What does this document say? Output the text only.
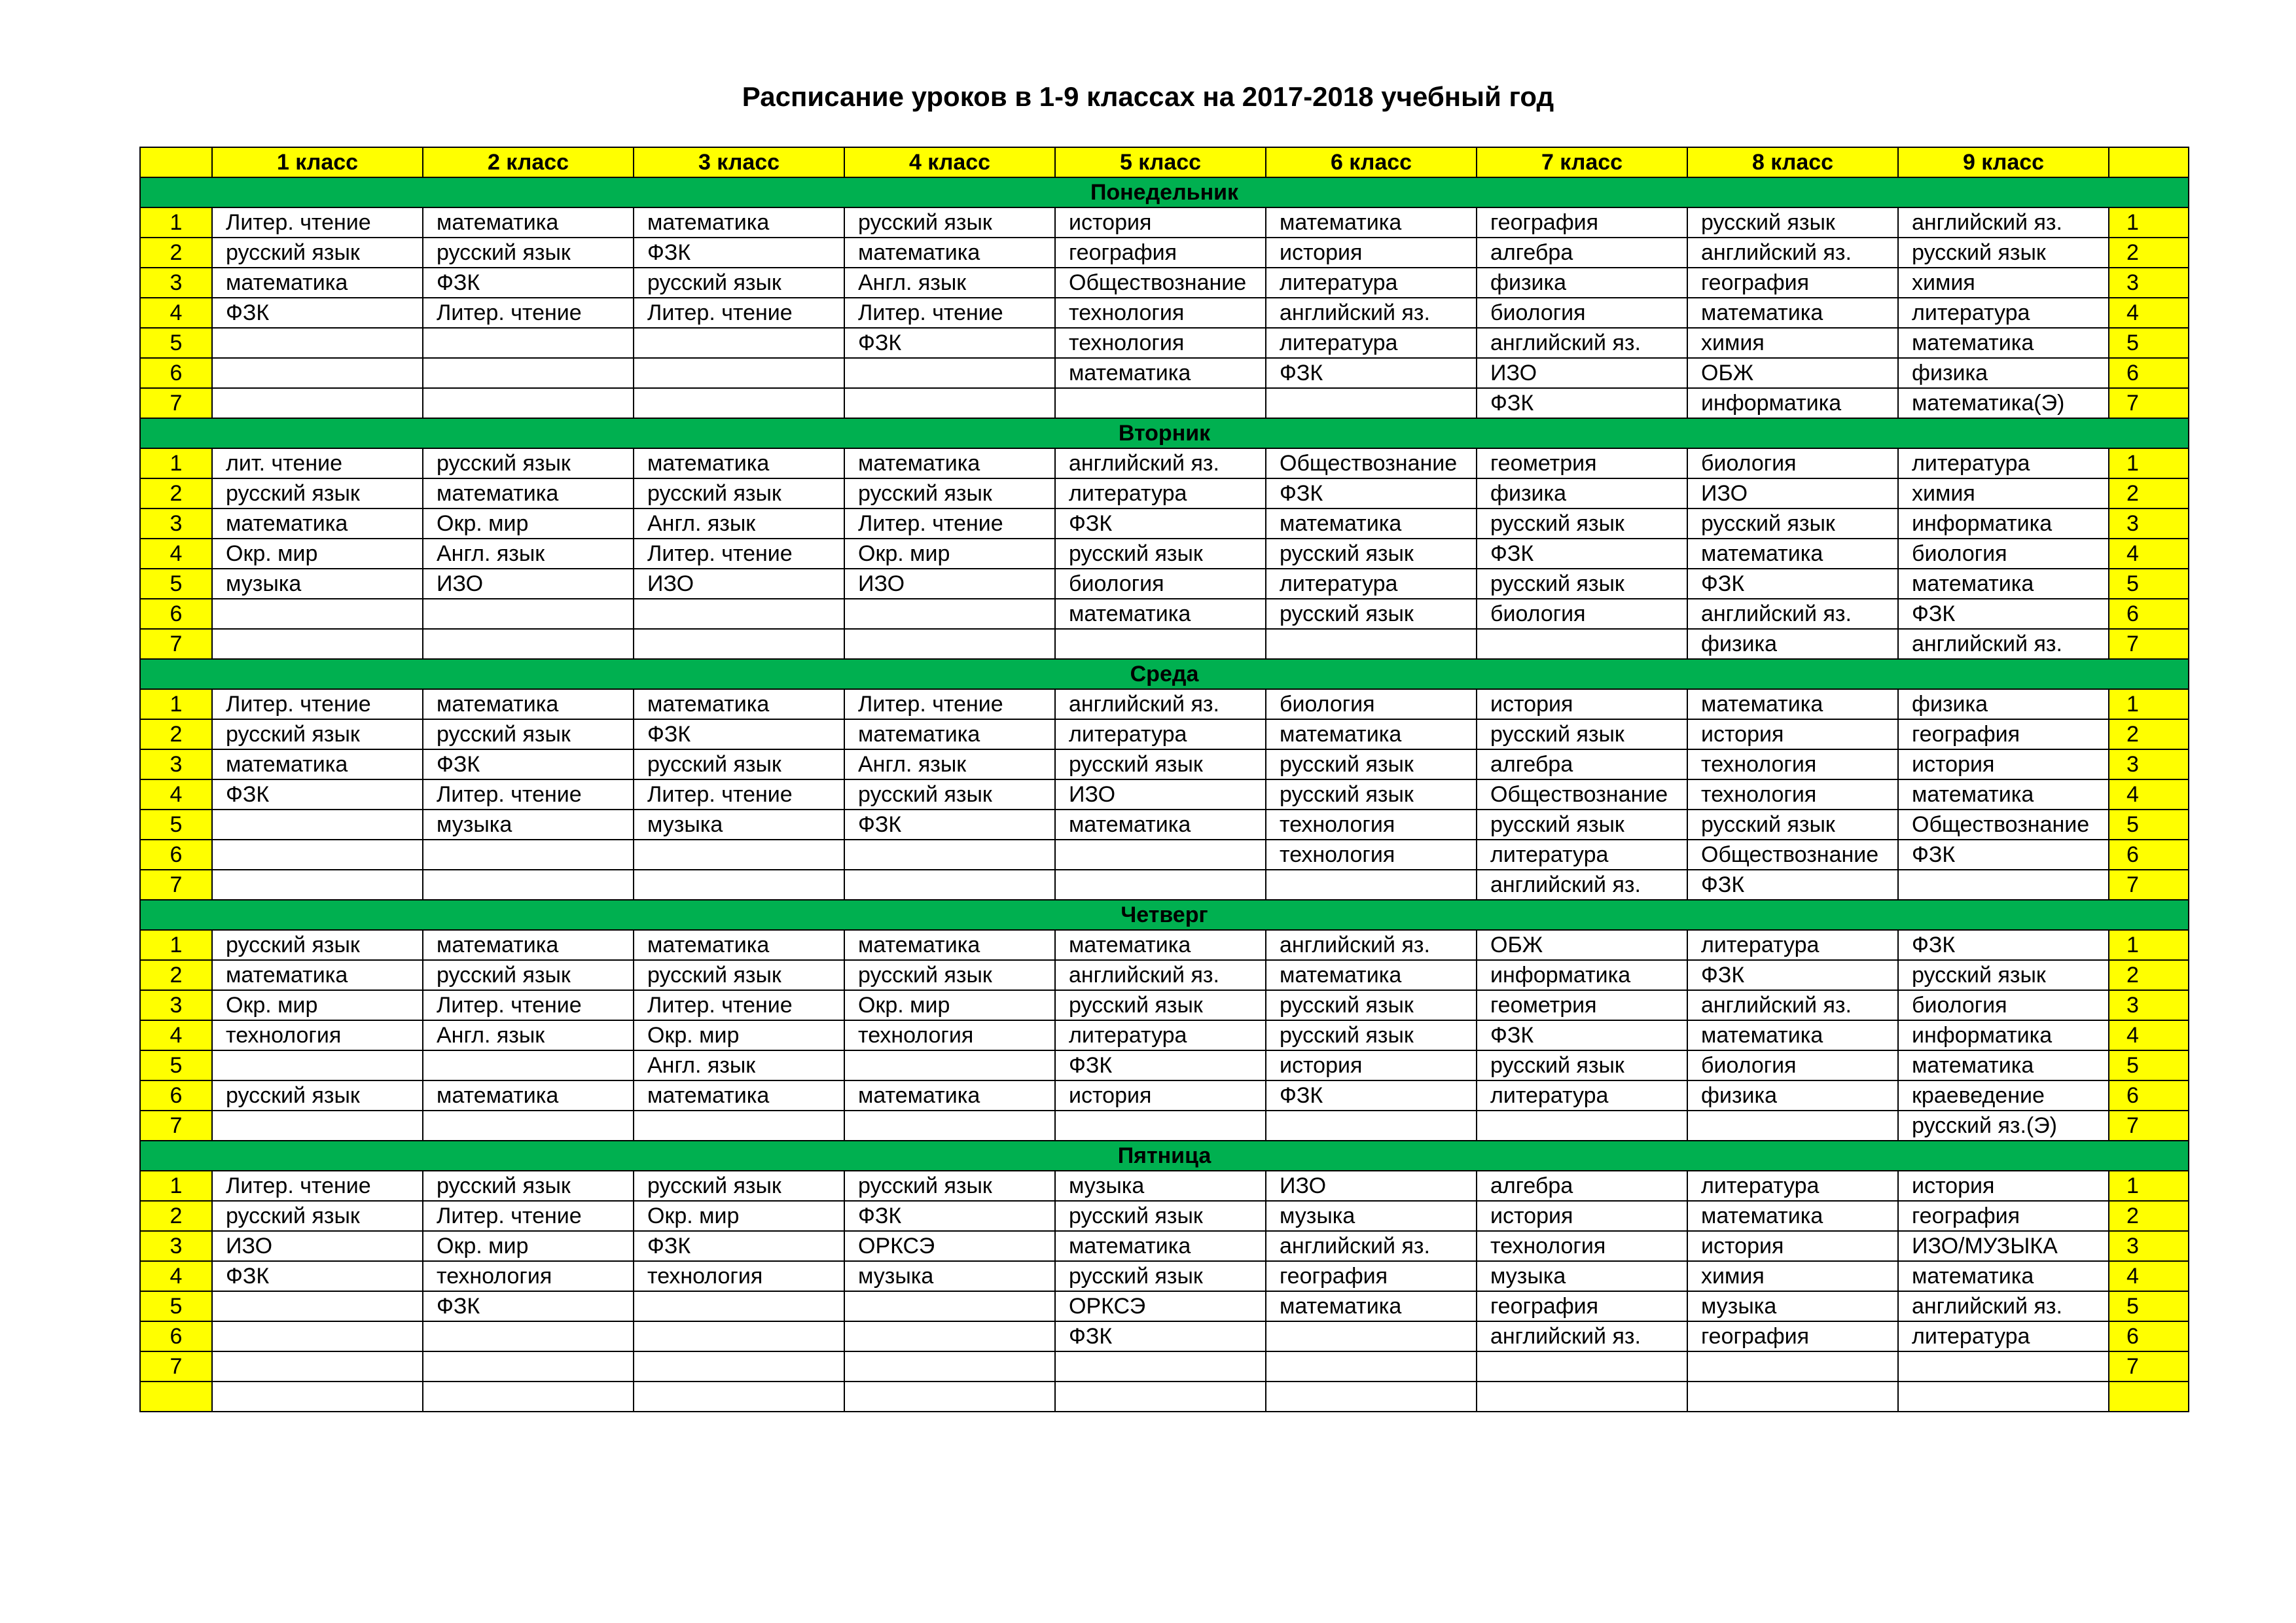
Расписание уроков в 1-9 классах на 2017-2018 учебный год
	1 класс	2 класс	3 класс	4 класс	5 класс	6 класс	7 класс	8 класс	9 класс	
Понедельник										
1	Литер. чтение	математика	математика	русский язык	история	математика	география	русский язык	английский яз.	1
2	русский язык	русский язык	ФЗК	математика	география	история	алгебра	английский яз.	русский язык	2
3	математика	ФЗК	русский язык	Англ. язык	Обществознание	литература	физика	география	химия	3
4	ФЗК	Литер. чтение	Литер. чтение	Литер. чтение	технология	английский яз.	биология	математика	литература	4
5				ФЗК	технология	литература	английский яз.	химия	математика	5
6					математика	ФЗК	ИЗО	ОБЖ	физика	6
7							ФЗК	информатика	математика(Э)	7
Вторник										
1	лит. чтение	русский язык	математика	математика	английский яз.	Обществознание	геометрия	биология	литература	1
2	русский язык	математика	русский язык	русский язык	литература	ФЗК	физика	ИЗО	химия	2
3	математика	Окр. мир	Англ. язык	Литер. чтение	ФЗК	математика	русский язык	русский язык	информатика	3
4	Окр. мир	Англ. язык	Литер. чтение	Окр. мир	русский язык	русский язык	ФЗК	математика	биология	4
5	музыка	ИЗО	ИЗО	ИЗО	биология	литература	русский язык	ФЗК	математика	5
6					математика	русский язык	биология	английский яз.	ФЗК	6
7								физика	английский яз.	7
Среда										
1	Литер. чтение	математика	математика	Литер. чтение	английский яз.	биология	история	математика	физика	1
2	русский язык	русский язык	ФЗК	математика	литература	математика	русский язык	история	география	2
3	математика	ФЗК	русский язык	Англ. язык	русский язык	русский язык	алгебра	технология	история	3
4	ФЗК	Литер. чтение	Литер. чтение	русский язык	ИЗО	русский язык	Обществознание	технология	математика	4
5		музыка	музыка	ФЗК	математика	технология	русский язык	русский язык	Обществознание	5
6						технология	литература	Обществознание	ФЗК	6
7							английский яз.	ФЗК		7
Четверг										
1	русский язык	математика	математика	математика	математика	английский яз.	ОБЖ	литература	ФЗК	1
2	математика	русский язык	русский язык	русский язык	английский яз.	математика	информатика	ФЗК	русский язык	2
3	Окр. мир	Литер. чтение	Литер. чтение	Окр. мир	русский язык	русский язык	геометрия	английский яз.	биология	3
4	технология	Англ. язык	Окр. мир	технология	литература	русский язык	ФЗК	математика	информатика	4
5			Англ. язык		ФЗК	история	русский язык	биология	математика	5
6	русский язык	математика	математика	математика	история	ФЗК	литература	физика	краеведение	6
7									русский яз.(Э)	7
Пятница										
1	Литер. чтение	русский язык	русский язык	русский язык	музыка	ИЗО	алгебра	литература	история	1
2	русский язык	Литер. чтение	Окр. мир	ФЗК	русский язык	музыка	история	математика	география	2
3	ИЗО	Окр. мир	ФЗК	ОРКСЭ	математика	английский яз.	технология	история	ИЗО/МУЗЫКА	3
4	ФЗК	технология	технология	музыка	русский язык	география	музыка	химия	математика	4
5		ФЗК			ОРКСЭ	математика	география	музыка	английский яз.	5
6					ФЗК		английский яз.	география	литература	6
7										7
